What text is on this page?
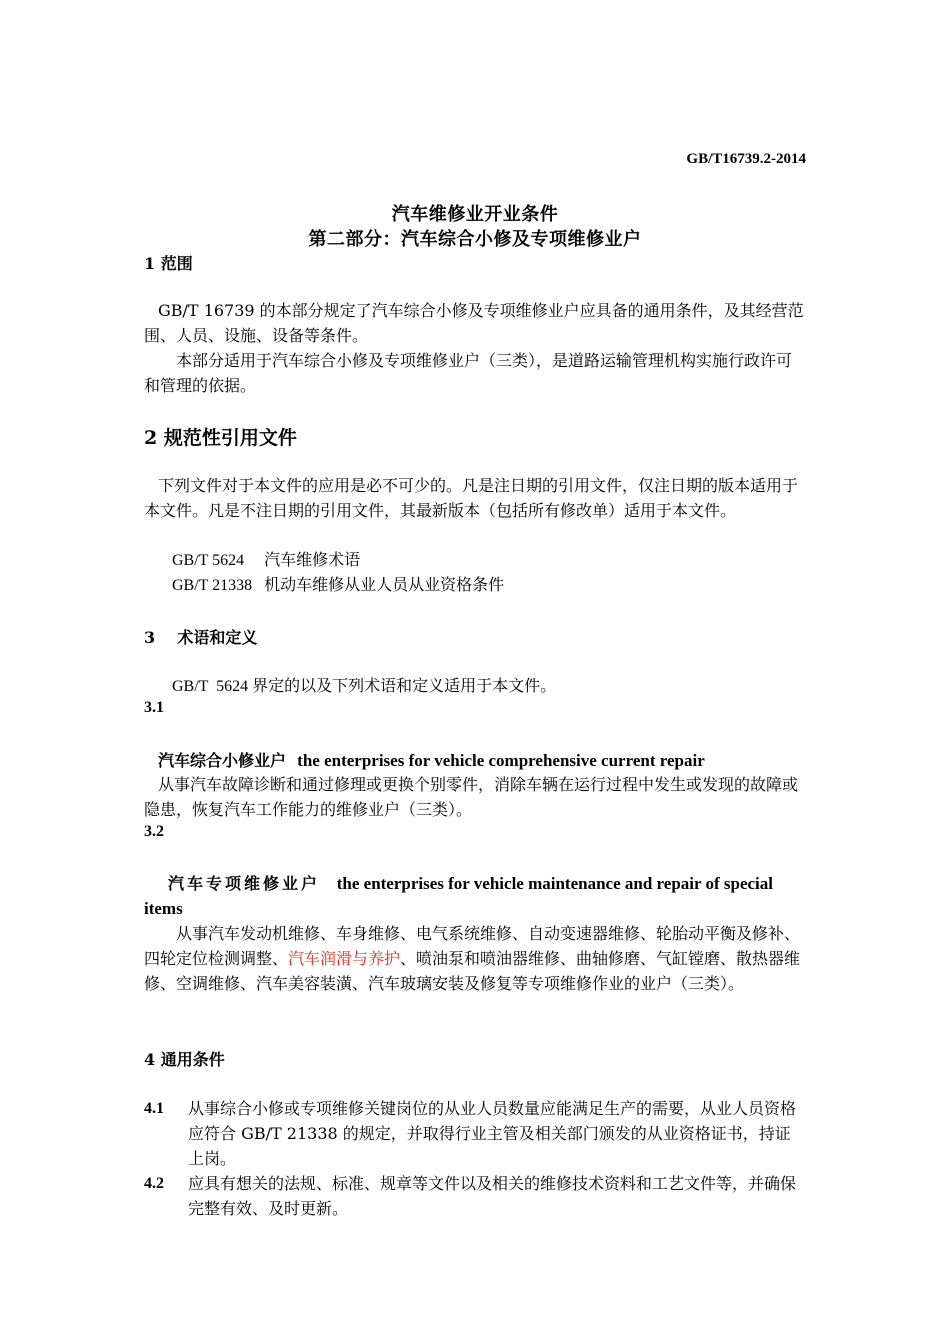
GB/T16739.2-2014
汽车维修业开业条件
第二部分：汽车综合小修及专项维修业户
1 范围
GB/T 16739 的本部分规定了汽车综合小修及专项维修业户应具备的通用条件，及其经营范围、人员、设施、设备等条件。
本部分适用于汽车综合小修及专项维修业户（三类），是道路运输管理机构实施行政许可和管理的依据。
2 规范性引用文件
下列文件对于本文件的应用是必不可少的。凡是注日期的引用文件，仅注日期的版本适用于本文件。凡是不注日期的引用文件，其最新版本（包括所有修改单）适用于本文件。
GB/T 5624 汽车维修术语
GB/T 21338 机动车维修从业人员从业资格条件
3    术语和定义
GB/T  5624 界定的以及下列术语和定义适用于本文件。
3.1
汽车综合小修业户 the enterprises for vehicle comprehensive current repair
从事汽车故障诊断和通过修理或更换个别零件，消除车辆在运行过程中发生或发现的故障或隐患，恢复汽车工作能力的维修业户（三类）。
3.2
汽车专项维修业户 the enterprises for vehicle maintenance and repair of special items
从事汽车发动机维修、车身维修、电气系统维修、自动变速器维修、轮胎动平衡及修补、四轮定位检测调整、汽车润滑与养护、喷油泵和喷油器维修、曲轴修磨、气缸镗磨、散热器维修、空调维修、汽车美容装潢、汽车玻璃安装及修复等专项维修作业的业户（三类）。
4 通用条件
4.1 从事综合小修或专项维修关键岗位的从业人员数量应能满足生产的需要，从业人员资格应符合 GB/T 21338 的规定，并取得行业主管及相关部门颁发的从业资格证书，持证上岗。
4.2 应具有想关的法规、标准、规章等文件以及相关的维修技术资料和工艺文件等，并确保完整有效、及时更新。
